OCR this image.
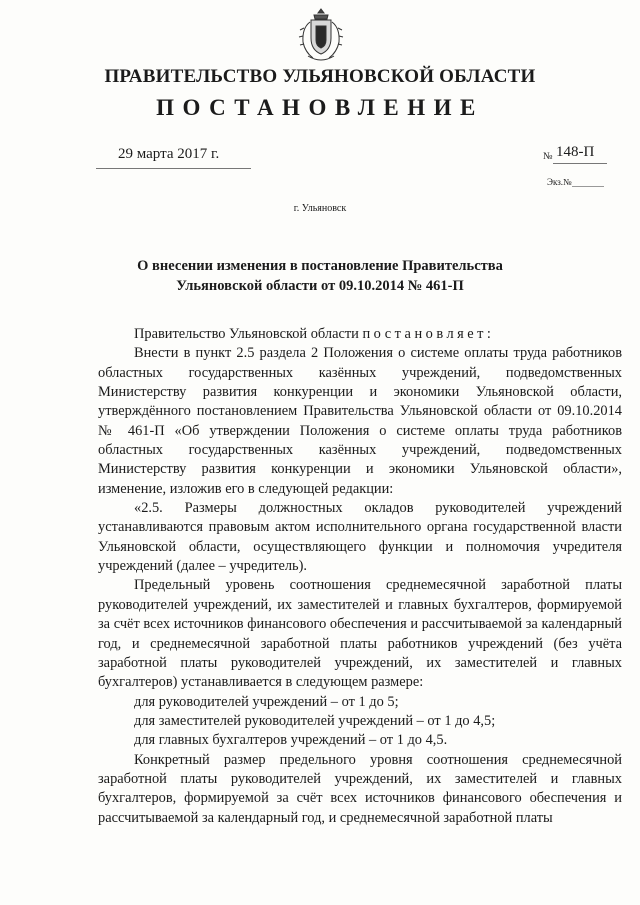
ПРАВИТЕЛЬСТВО УЛЬЯНОВСКОЙ ОБЛАСТИ
ПОСТАНОВЛЕНИЕ
29 марта 2017 г.	№ 148-П
Экз.№
г. Ульяновск
О внесении изменения в постановление Правительства
Ульяновской области от 09.10.2014 № 461-П

Правительство Ульяновской области постановляет:

Внести в пункт 2.5 раздела 2 Положения о системе оплаты труда работников областных государственных казённых учреждений, подведомственных Министерству развития конкуренции и экономики Ульяновской области, утверждённого постановлением Правительства Ульяновской области от 09.10.2014 № 461-П «Об утверждении Положения о системе оплаты труда работников областных государственных казённых учреждений, подведомственных Министерству развития конкуренции и экономики Ульяновской области», изменение, изложив его в следующей редакции:

«2.5. Размеры должностных окладов руководителей учреждений устанавливаются правовым актом исполнительного органа государственной власти Ульяновской области, осуществляющего функции и полномочия учредителя учреждений (далее – учредитель).

Предельный уровень соотношения среднемесячной заработной платы руководителей учреждений, их заместителей и главных бухгалтеров, формируемой за счёт всех источников финансового обеспечения и рассчитываемой за календарный год, и среднемесячной заработной платы работников учреждений (без учёта заработной платы руководителей учреждений, их заместителей и главных бухгалтеров) устанавливается в следующем размере:

для руководителей учреждений – от 1 до 5;

для заместителей руководителей учреждений – от 1 до 4,5;

для главных бухгалтеров учреждений – от 1 до 4,5.

Конкретный размер предельного уровня соотношения среднемесячной заработной платы руководителей учреждений, их заместителей и главных бухгалтеров, формируемой за счёт всех источников финансового обеспечения и рассчитываемой за календарный год, и среднемесячной заработной платы
